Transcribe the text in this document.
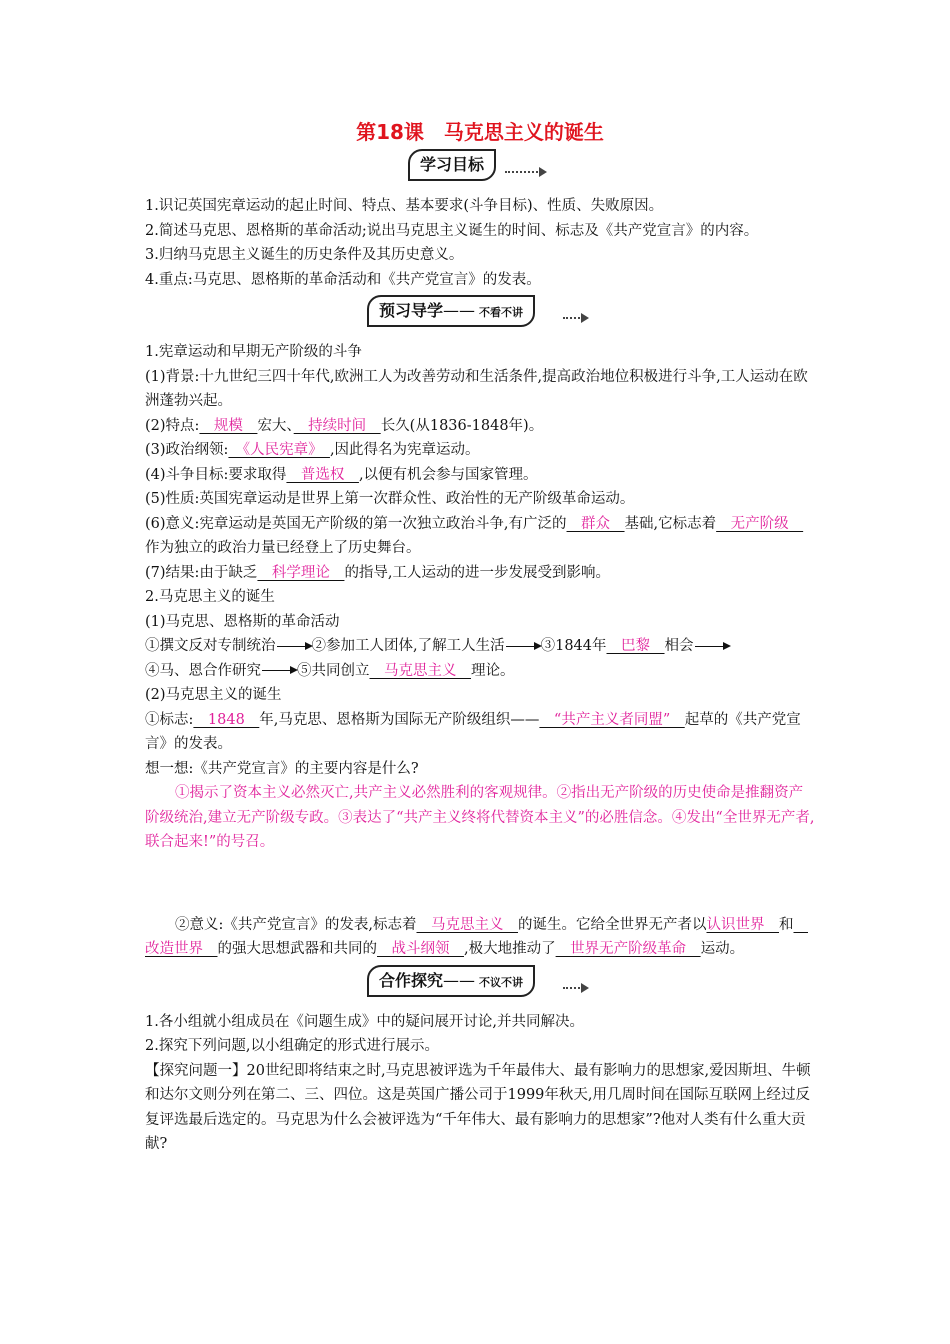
第18课　马克思主义的诞生
学习目标

1.识记英国宪章运动的起止时间、特点、基本要求(斗争目标)、性质、失败原因。

2.简述马克思、恩格斯的革命活动;说出马克思主义诞生的时间、标志及《共产党宣言》的内容。

3.归纳马克思主义诞生的历史条件及其历史意义。

4.重点:马克思、恩格斯的革命活动和《共产党宣言》的发表。

预习导学—— 不看不讲

1.宪章运动和早期无产阶级的斗争

(1)背景:十九世纪三四十年代,欧洲工人为改善劳动和生活条件,提高政治地位积极进行斗争,工人运动在欧洲蓬勃兴起。

(2)特点:　规模　宏大、　持续时间　长久(从1836-1848年)。

(3)政治纲领:　《人民宪章》　,因此得名为宪章运动。

(4)斗争目标:要求取得　普选权　,以便有机会参与国家管理。

(5)性质:英国宪章运动是世界上第一次群众性、政治性的无产阶级革命运动。

(6)意义:宪章运动是英国无产阶级的第一次独立政治斗争,有广泛的　群众　基础,它标志着　无产阶级　作为独立的政治力量已经登上了历史舞台。

(7)结果:由于缺乏　科学理论　的指导,工人运动的进一步发展受到影响。

2.马克思主义的诞生

(1)马克思、恩格斯的革命活动

①撰文反对专制统治 ②参加工人团体,了解工人生活 ③1844年　巴黎　相会

④马、恩合作研究 ⑤共同创立　马克思主义　理论。

(2)马克思主义的诞生

①标志:　1848　年,马克思、恩格斯为国际无产阶级组织——　“共产主义者同盟”　起草的《共产党宣言》的发表。

想一想:《共产党宣言》的主要内容是什么?

①揭示了资本主义必然灭亡,共产主义必然胜利的客观规律。②指出无产阶级的历史使命是推翻资产阶级统治,建立无产阶级专政。③表达了“共产主义终将代替资本主义”的必胜信念。④发出“全世界无产者,联合起来!”的号召。

②意义:《共产党宣言》的发表,标志着　马克思主义　的诞生。它给全世界无产者以认识世界　和　改造世界　的强大思想武器和共同的　战斗纲领　,极大地推动了　世界无产阶级革命　运动。

合作探究—— 不议不讲

1.各小组就小组成员在《问题生成》中的疑问展开讨论,并共同解决。

2.探究下列问题,以小组确定的形式进行展示。

【探究问题一】20世纪即将结束之时,马克思被评选为千年最伟大、最有影响力的思想家,爱因斯坦、牛顿和达尔文则分列在第二、三、四位。这是英国广播公司于1999年秋天,用几周时间在国际互联网上经过反复评选最后选定的。马克思为什么会被评选为“千年伟大、最有影响力的思想家”?他对人类有什么重大贡献?
